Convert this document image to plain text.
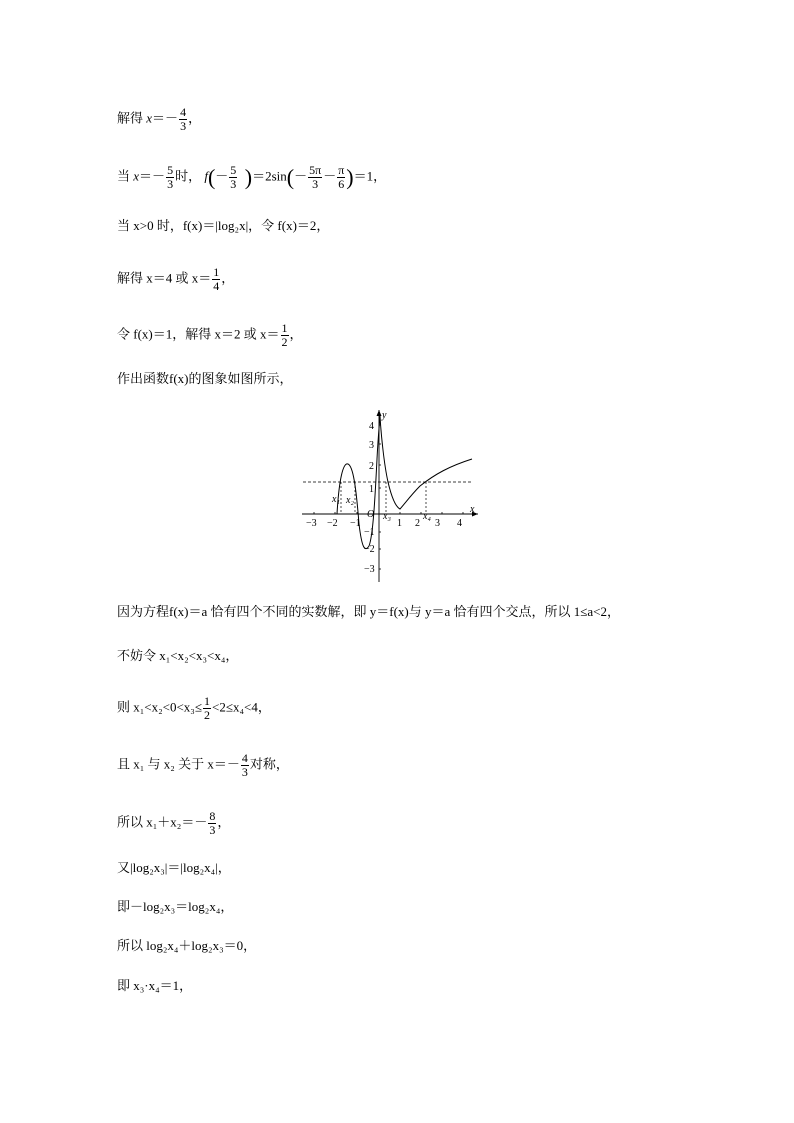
解得 $x=- \frac{4}{3}$ ，
当 $x=- \frac{5}{3}$ 时， $f(- \frac{5}{3} )=2\sin(- \frac{5\pi}{3} - \frac{\pi}{6} )=1$，
当 x>0 时，f(x)＝|log₂x|，令 f(x)＝2，
解得 x＝4 或 $x= \frac{1}{4}$ ，
令 f(x)＝1，解得 x＝2 或 $x= \frac{1}{2}$ ，
作出函数f(x)的图象如图所示，
−3 −2 −1	1 2 3 4
4
3
2
1
−1
−2
−3
y
x
O
x₁ x₂
x₃	x₄
因为方程f(x)＝a 恰有四个不同的实数解，即 y＝f(x)与 y＝a 恰有四个交点，所以 1≤a<2，
不妨令 x₁<x₂<x₃<x₄，
则 $x_1<x_2<0<x_3\le \frac{1}{2} <2\le x_4<4$，
且 x₁ 与 x₂ 关于 $x=- \frac{4}{3}$ 对称，
所以 $x_1+x_2=- \frac{8}{3}$ ，
又|log₂x₃|＝|log₂x₄|，
即－log₂x₃＝log₂x₄，
所以 log₂x₄＋log₂x₃＝0，
即 x₃·x₄＝1，
